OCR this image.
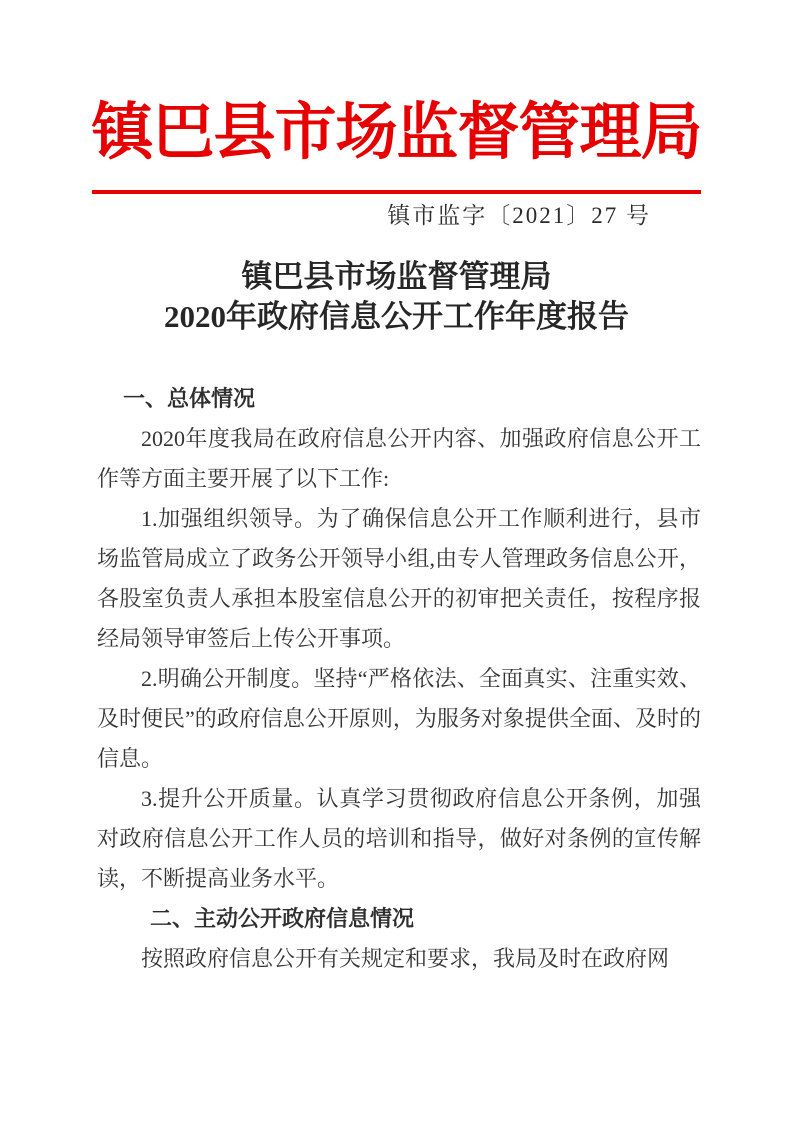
镇巴县市场监督管理局
镇市监字〔2021〕27 号
镇巴县市场监督管理局
2020年政府信息公开工作年度报告
一、总体情况
2020年度我局在政府信息公开内容、加强政府信息公开工作等方面主要开展了以下工作:
1.加强组织领导。为了确保信息公开工作顺利进行，县市场监管局成立了政务公开领导小组,由专人管理政务信息公开，各股室负责人承担本股室信息公开的初审把关责任，按程序报经局领导审签后上传公开事项。
2.明确公开制度。坚持“严格依法、全面真实、注重实效、及时便民”的政府信息公开原则，为服务对象提供全面、及时的信息。
3.提升公开质量。认真学习贯彻政府信息公开条例，加强对政府信息公开工作人员的培训和指导，做好对条例的宣传解读，不断提高业务水平。
二、主动公开政府信息情况
按照政府信息公开有关规定和要求，我局及时在政府网
